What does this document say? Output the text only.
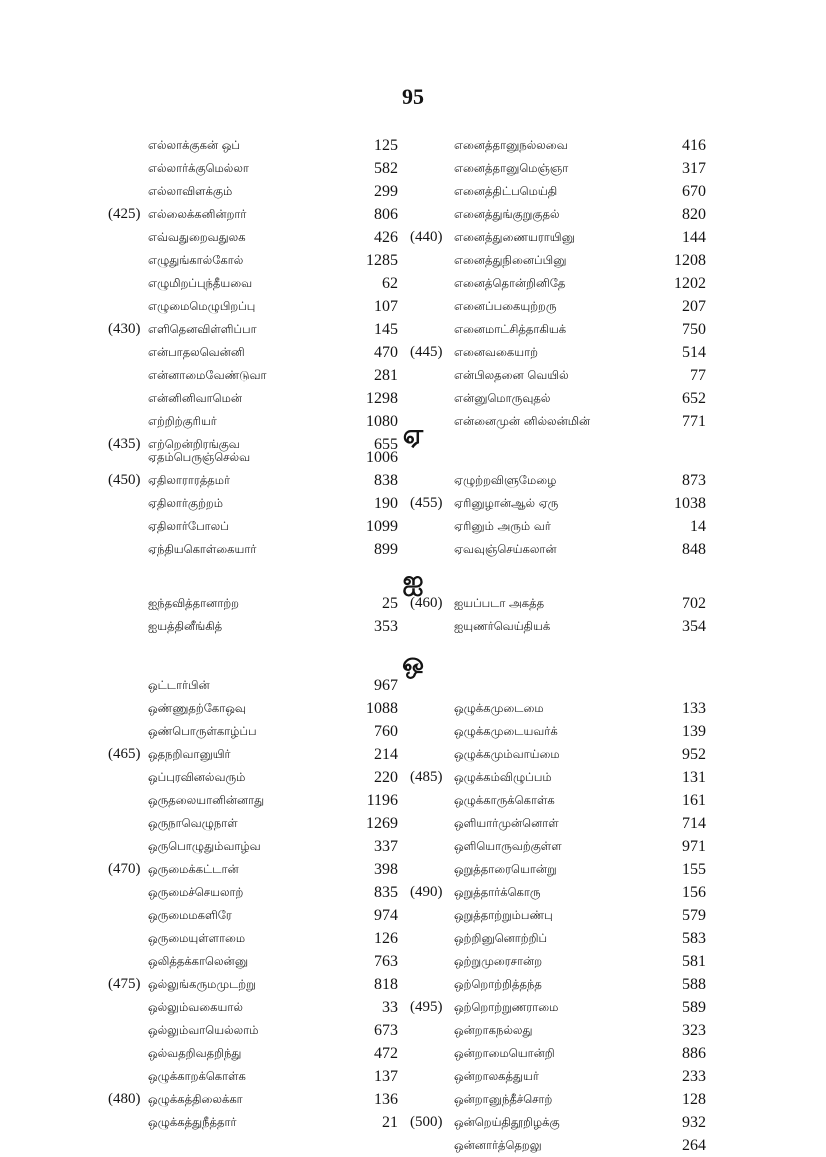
95
எல்லாக்குகன் ஒப்	125
எல்லார்க்குமெல்லா	582
எல்லாவிளக்கும்	299
(425) எல்லைக்கனின்றார்	806
எவ்வதுறைவதுலக	426
எழுதுங்கால்கோல்	1285
எழுமிறப்புந்தீயவை	62
எழுமைமெழுபிறப்பு	107
(430) எளிதெனவிள்ளிப்பா	145
என்பாதலவென்னி	470
என்னாமைவேண்டுவா	281
என்னினிவாமென்	1298
எற்றிற்குரியர்	1080
(435) எற்றென்றிரங்குவ	655
எனைத்தானுநல்லவை	416
எனைத்தானுமெஞ்ஞா	317
எனைத்திட்பமெய்தி	670
எனைத்துங்குறுகுதல்	820
(440) எனைத்துணையராயினு	144
எனைத்துநினைப்பினு	1208
எனைத்தொன்றினிதே	1202
எனைப்பகையுற்றரு	207
எனைமாட்சித்தாகியக்	750
(445) எனைவகையாற்	514
என்பிலதனை வெயில்	77
என்னுமொருவுதல்	652
என்னைமுன் னில்லன்மின்	771
ஏ
ஏதம்பெருஞ்செல்வ	1006
(450) ஏதிலாராரத்தமர்	838
ஏதிலார்குற்றம்	190
ஏதிலார்போலப்	1099
ஏந்தியகொள்கையார்	899
ஏழுற்றவிளுமேழை	873
(455) ஏரினுழான்ஆல் ஏரு	1038
ஏரினும் அரும் வர்	14
ஏவவுஞ்செய்கலான்	848
ஐ
ஐந்தவித்தானாற்ற	25
ஐயத்தினீங்கித்	353
(460) ஐயப்படா அகத்த	702
ஐயுணர்வெய்தியக்	354
ஒ
ஒட்டார்பின்	967
ஒண்ணுதற்கோஒவு	1088
ஒண்பொருள்காழ்ப்ப	760
(465) ஒதநறிவானுயிர்	214
ஒப்புரவினல்வரும்	220
ஒருதலையானின்னாது	1196
ஒருநாவெழுநாள்	1269
ஒருபொழுதும்வாழ்வ	337
(470) ஒருமைக்கட்டான்	398
ஒருமைச்செயலாற்	835
ஒருமைமகளிரே	974
ஒருமையுள்ளாமை	126
ஒலித்தக்காலென்னு	763
(475) ஒல்லுங்கருமமுடற்று	818
ஒல்லும்வகையால்	33
ஒல்லும்வாயெல்லாம்	673
ஒல்வதறிவதறிந்து	472
ஒழுக்காறக்கொள்க	137
(480) ஒழுக்கத்திலைக்கா	136
ஒழுக்கத்துநீத்தார்	21
ஒழுக்கமுடைமை	133
ஒழுக்கமுடையவர்க்	139
ஒழுக்கமும்வாய்மை	952
(485) ஒழுக்கம்விழுப்பம்	131
ஒழுக்காருக்கொள்க	161
ஒளியார்முன்னொள்	714
ஒளியொருவற்குள்ள	971
ஒறுத்தாரையொன்று	155
(490) ஒறுத்தார்க்கொரு	156
ஒறுத்தாற்றும்பண்பு	579
ஒற்றினுனொற்றிப்	583
ஒற்றுமுரைசான்ற	581
ஒற்றொற்றித்தந்த	588
(495) ஒற்றொற்றுணராமை	589
ஒன்றாகநல்லது	323
ஒன்றாமையொன்றி	886
ஒன்றாலகத்துயர்	233
ஒன்றானுந்தீச்சொற்	128
(500) ஒன்றெய்திதூறிழக்கு	932
ஒன்னார்த்தெறலு	264
